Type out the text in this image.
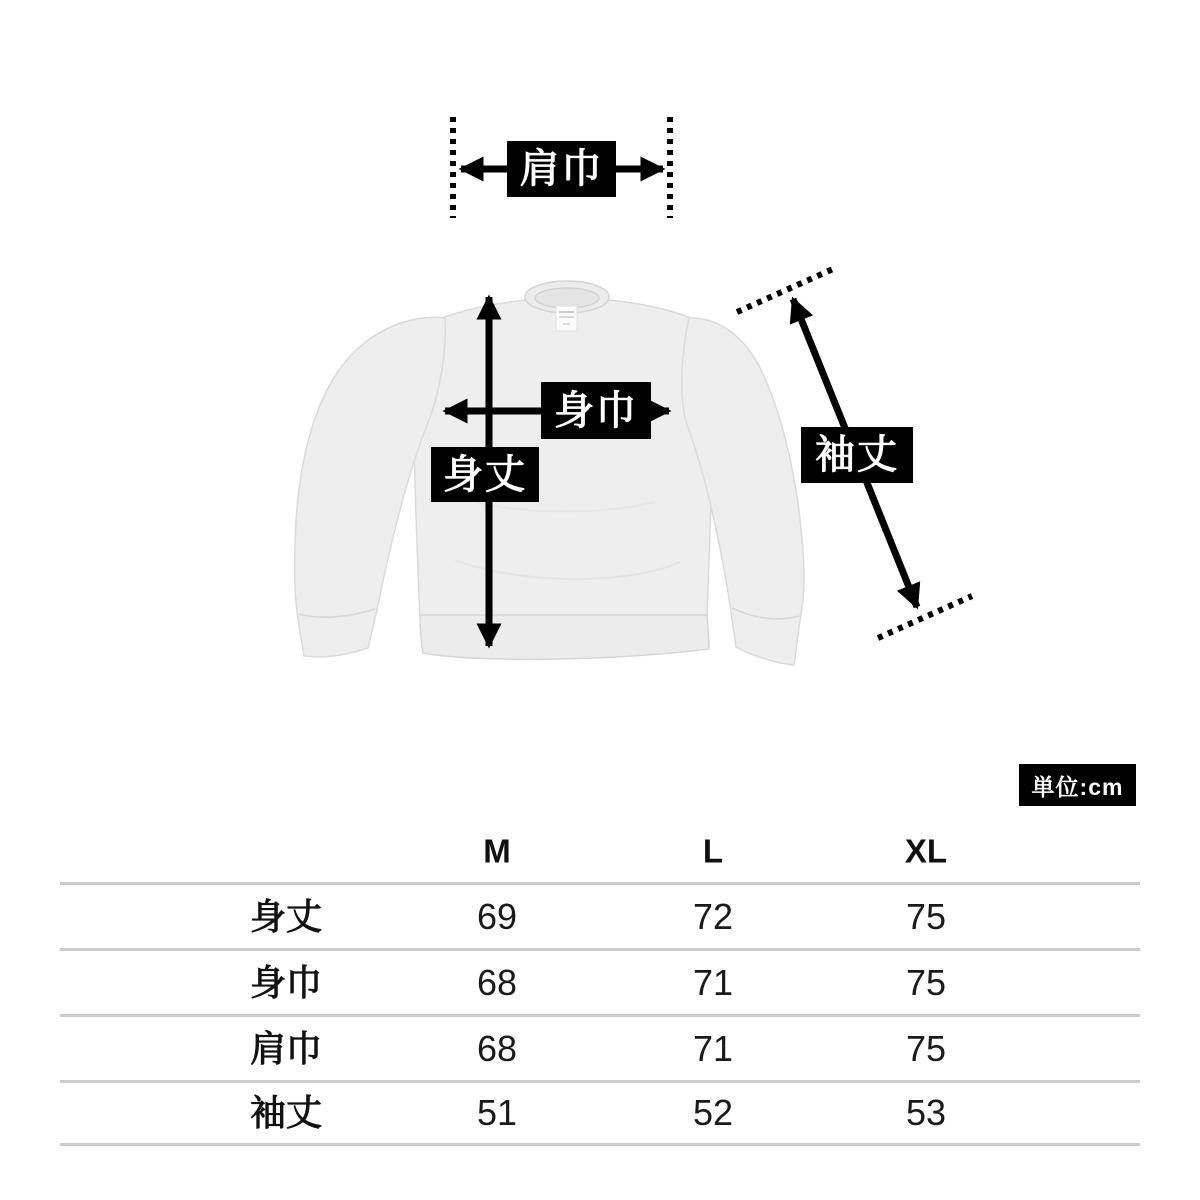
肩巾
身巾
身丈	袖丈
単位:cm
M	L	XL
身丈	69	72	75
身巾	68	71	75
肩巾	68	71	75
袖丈	51	52	53
